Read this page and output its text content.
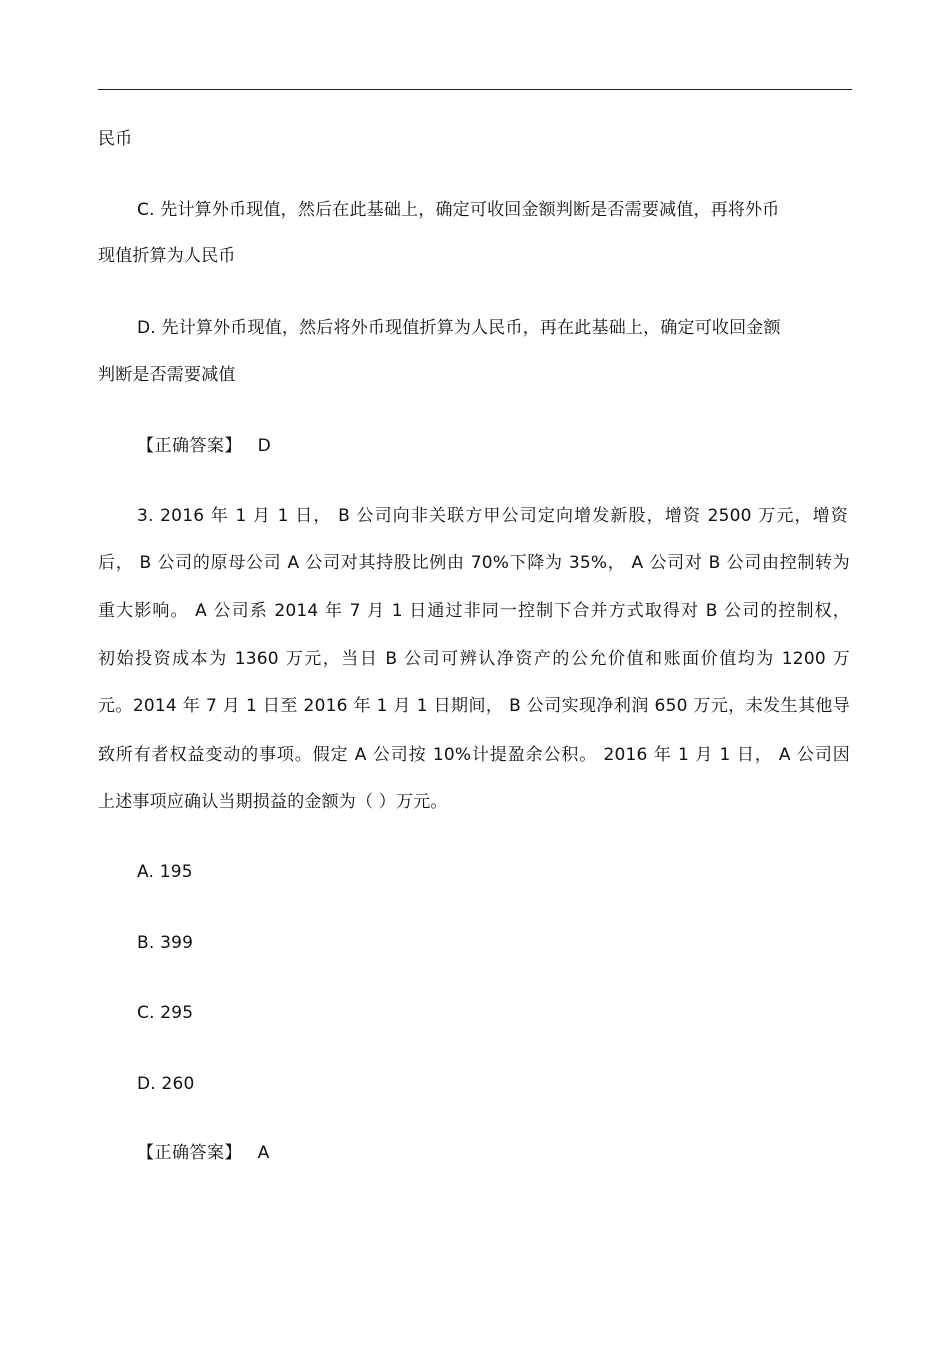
民币
C. 先计算外币现值，然后在此基础上，确定可收回金额判断是否需要减值，再将外币
现值折算为人民币
D. 先计算外币现值，然后将外币现值折算为人民币，再在此基础上，确定可收回金额
判断是否需要减值
【正确答案】 D
3. 2016 年 1 月 1 日， B 公司向非关联方甲公司定向增发新股，增资 2500 万元，增资
后， B 公司的原母公司 A 公司对其持股比例由 70%下降为 35%， A 公司对 B 公司由控制转为
重大影响。 A 公司系 2014 年 7 月 1 日通过非同一控制下合并方式取得对 B 公司的控制权，
初始投资成本为 1360 万元，当日 B 公司可辨认净资产的公允价值和账面价值均为 1200 万
元。2014 年 7 月 1 日至 2016 年 1 月 1 日期间， B 公司实现净利润 650 万元，未发生其他导
致所有者权益变动的事项。假定 A 公司按 10%计提盈余公积。 2016 年 1 月 1 日， A 公司因
上述事项应确认当期损益的金额为（ ）万元。
A. 195
B. 399
C. 295
D. 260
【正确答案】 A
